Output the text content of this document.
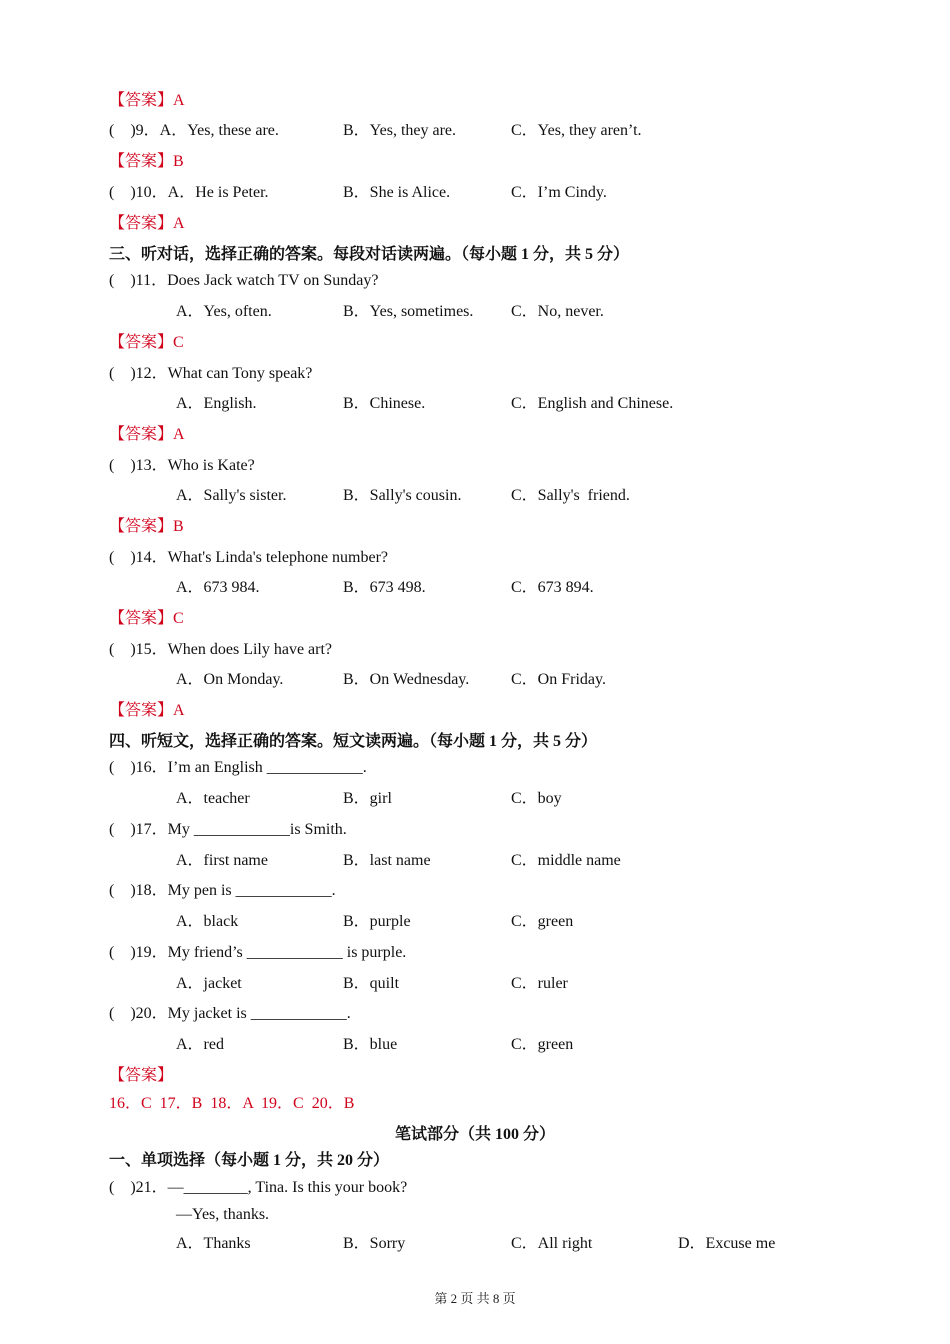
【答案】A
(    )9．A．Yes, these are.	B．Yes, they are.	C．Yes, they aren’t.
【答案】B
(    )10．A．He is Peter.	B．She is Alice.	C．I’m Cindy.
【答案】A
三、听对话，选择正确的答案。每段对话读两遍。（每小题 1 分，共 5 分）
(    )11．Does Jack watch TV on Sunday?
A．Yes, often.	B．Yes, sometimes. C．No, never.
【答案】C
(    )12．What can Tony speak?
A．English.	B．Chinese.	C．English and Chinese.
【答案】A
(    )13．Who is Kate?
A．Sally's sister.	B．Sally's cousin.	C．Sally's  friend.
【答案】B
(    )14．What's Linda's telephone number?
A．673 984.	B．673 498.	C．673 894.
【答案】C
(    )15．When does Lily have art?
A．On Monday.	B．On Wednesday.	C．On Friday.
【答案】A
四、听短文，选择正确的答案。短文读两遍。（每小题 1 分，共 5 分）
(    )16．I’m an English ____________.
A．teacher	B．girl	C．boy
(    )17．My ____________is Smith.
A．first name	B．last name	C．middle name
(    )18．My pen is ____________.
A．black	B．purple	C．green
(    )19．My friend’s ____________ is purple.
A．jacket	B．quilt	C．ruler
(    )20．My jacket is ____________.
A．red	B．blue	C．green
【答案】
16．C  17．B  18．A  19．C  20．B
笔试部分（共 100 分）
一、单项选择（每小题 1 分，共 20 分）
(    )21．—________, Tina. Is this your book?
—Yes, thanks.
A．Thanks	B．Sorry	C．All right	D．Excuse me
第 2 页 共 8 页
